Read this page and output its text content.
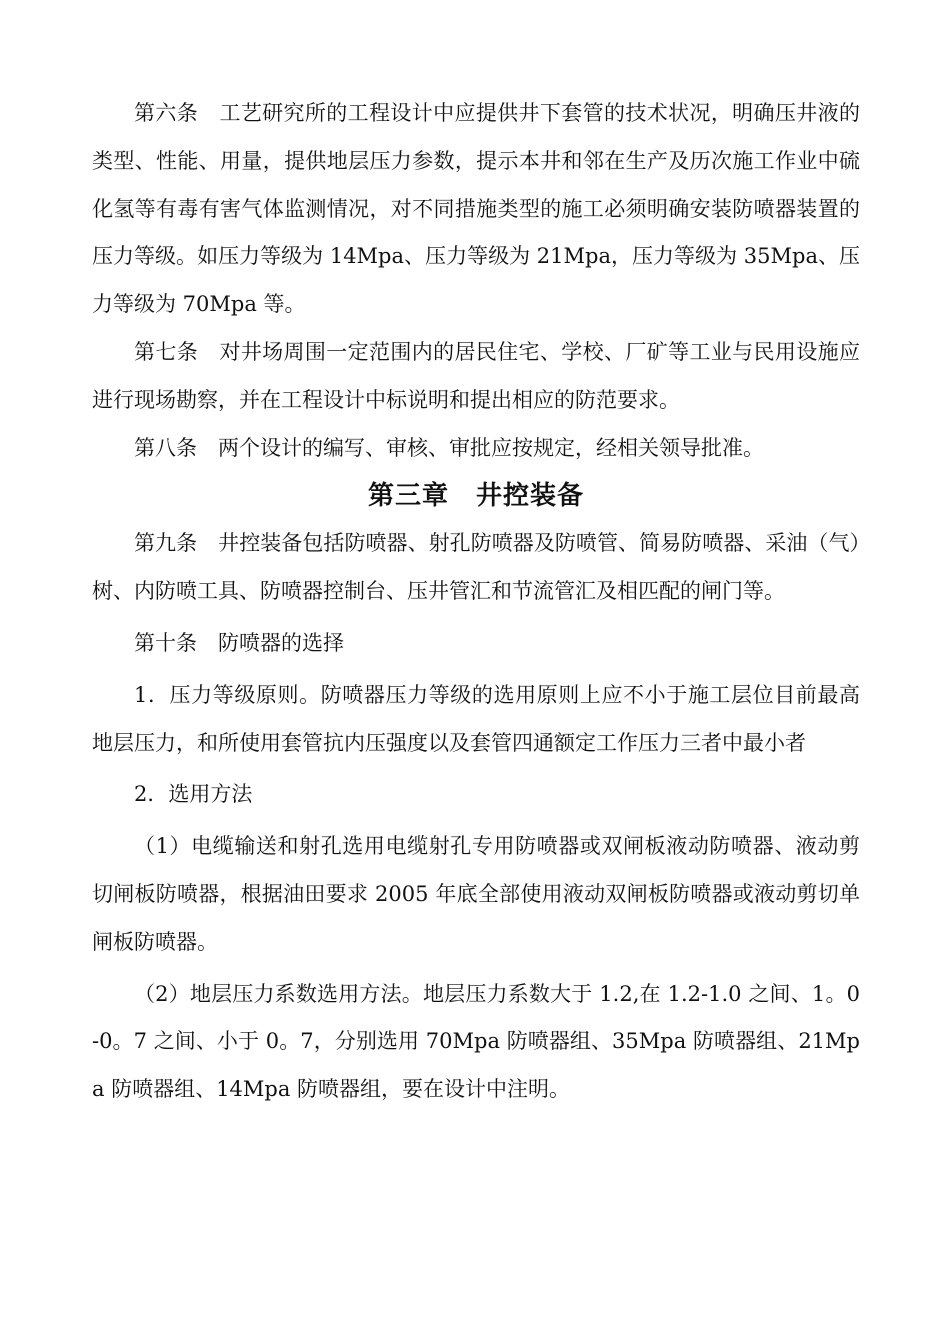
第六条　工艺研究所的工程设计中应提供井下套管的技术状况，明确压井液的类型、性能、用量，提供地层压力参数，提示本井和邻在生产及历次施工作业中硫化氢等有毒有害气体监测情况，对不同措施类型的施工必须明确安装防喷器装置的压力等级。如压力等级为 14Mpa、压力等级为 21Mpa，压力等级为 35Mpa、压力等级为 70Mpa 等。

第七条　对井场周围一定范围内的居民住宅、学校、厂矿等工业与民用设施应进行现场勘察，并在工程设计中标说明和提出相应的防范要求。

第八条　两个设计的编写、审核、审批应按规定，经相关领导批准。

第三章　井控装备

第九条　井控装备包括防喷器、射孔防喷器及防喷管、简易防喷器、采油（气）树、内防喷工具、防喷器控制台、压井管汇和节流管汇及相匹配的闸门等。

第十条　防喷器的选择

1．压力等级原则。防喷器压力等级的选用原则上应不小于施工层位目前最高地层压力，和所使用套管抗内压强度以及套管四通额定工作压力三者中最小者

2．选用方法

（1）电缆输送和射孔选用电缆射孔专用防喷器或双闸板液动防喷器、液动剪切闸板防喷器，根据油田要求 2005 年底全部使用液动双闸板防喷器或液动剪切单闸板防喷器。

（2）地层压力系数选用方法。地层压力系数大于 1.2,在 1.2-1.0 之间、1。0-0。7 之间、小于 0。7，分别选用 70Mpa 防喷器组、35Mpa 防喷器组、21Mpa 防喷器组、14Mpa 防喷器组，要在设计中注明。
